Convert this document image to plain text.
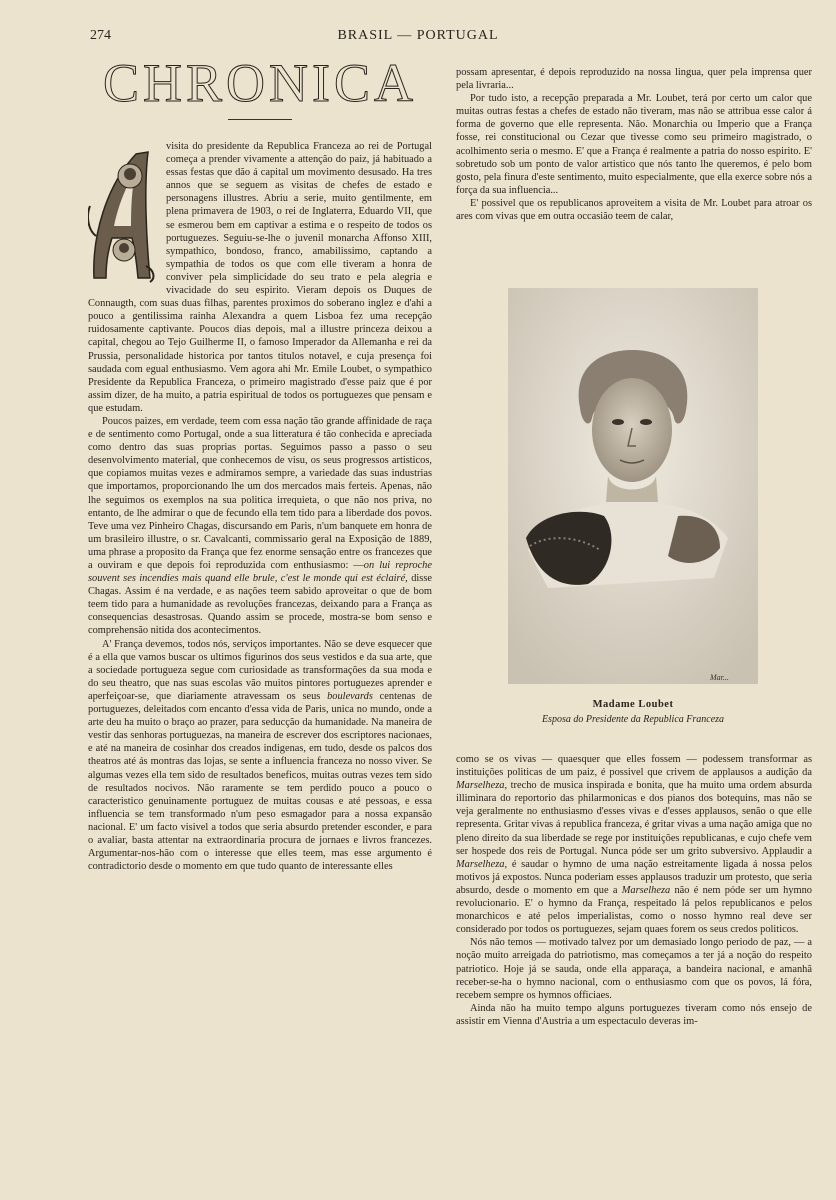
274	BRASIL — PORTUGAL
CHRONICA

visita do presidente da Republica Franceza ao rei de Portugal começa a prender vivamente a attenção do paiz, já habituado a essas festas que dão á capital um movimento desusado. Ha tres annos que se seguem as visitas de chefes de estado e personagens illustres. Abriu a serie, muito gentilmente, em plena primavera de 1903, o rei de Inglaterra, Eduardo VII, que se esmerou bem em captivar a estima e o respeito de todos os portuguezes. Seguiu-se-lhe o juvenil monarcha Affonso XIII, sympathico, bondoso, franco, amabilissimo, captando a sympathia de todos os que com elle tiveram a honra de conviver pela simplicidade do seu trato e pela alegria e vivacidade do seu espirito. Vieram depois os Duques de Connaugth, com suas duas filhas, parentes proximos do soberano inglez e d'ahi a pouco a gentilissima rainha Alexandra a quem Lisboa fez uma recepção ruidosamente captivante. Poucos dias depois, mal a illustre princeza deixou a capital, chegou ao Tejo Guilherme II, o famoso Imperador da Allemanha e rei da Prussia, personalidade historica por tantos titulos notavel, e cuja presença foi saudada com egual enthusiasmo. Vem agora ahi Mr. Emile Loubet, o sympathico Presidente da Republica Franceza, o primeiro magistrado d'esse paiz que é por assim dizer, de ha muito, a patria espiritual de todos os portuguezes que pensam e que estudam.

Poucos paizes, em verdade, teem com essa nação tão grande affinidade de raça e de sentimento como Portugal, onde a sua litteratura é tão conhecida e apreciada como dentro das suas proprias portas. Seguimos passo a passo o seu desenvolvimento material, que conhecemos de visu, os seus progressos artisticos, que copiamos muitas vezes e admiramos sempre, a variedade das suas industrias que importamos, proporcionando lhe um dos mercados mais ferteis. Apenas, não lhe seguimos os exemplos na sua politica irrequieta, o que não nos priva, no entanto, de lhe admirar o que de fecundo ella tem tido para a liberdade dos povos. Teve uma vez Pinheiro Chagas, discursando em Paris, n'um banquete em honra de um brasileiro illustre, o sr. Cavalcanti, commissario geral na Exposição de 1889, uma phrase a proposito da França que fez enorme sensação entre os francezes que a ouviram e que depois foi reproduzida com enthusiasmo: —on lui reproche souvent ses incendies mais quand elle brule, c'est le monde qui est éclairé, disse Chagas. Assim é na verdade, e as nações teem sabido aproveitar o que de bom teem tido para a humanidade as revoluções francezas, deixando para a França as consequencias desastrosas. Quando assim se procede, mostra-se bom senso e comprehensão nitida dos acontecimentos.

A' França devemos, todos nós, serviços importantes. Não se deve esquecer que é a ella que vamos buscar os ultimos figurinos dos seus vestidos e da sua arte, que a sociedade portugueza segue com curiosidade as transformações da sua moda e do seu theatro, que nas suas escolas vão muitos pintores portuguezes aprender e aperfeiçoar-se, que diariamente atravessam os seus boulevards centenas de portuguezes, deleitados com encanto d'essa vida de Paris, unica no mundo, onde a arte deu ha muito o braço ao prazer, para seducção da humanidade. Na maneira de vestir das senhoras portuguezas, na maneira de escrever dos escriptores nacionaes, e até na maneira de cosinhar dos creados indigenas, em tudo, desde os palcos dos theatros até ás montras das lojas, se sente a influencia franceza no nosso viver. Se algumas vezes ella tem sido de resultados beneficos, muitas outras vezes tem sido de resultados nocivos. Não raramente se tem perdido pouco a pouco o caracteristico genuinamente portuguez de muitas cousas e até pessoas, e essa influencia se tem transformado n'um peso esmagador para a nossa expansão nacional. E' um facto visivel a todos que seria absurdo pretender esconder, e para o avaliar, basta attentar na extraordinaria procura de jornaes e livros francezes. Argumentar-nos-hão com o interesse que elles teem, mas esse argumento é contradictorio desde o momento em que tudo quanto de interessante elles

possam apresentar, é depois reproduzido na nossa lingua, quer pela imprensa quer pela livraria...

Por tudo isto, a recepção preparada a Mr. Loubet, terá por certo um calor que muitas outras festas a chefes de estado não tiveram, mas não se attribua esse calor á forma de governo que elle representa. Não. Monarchia ou Imperio que a França fosse, rei constitucional ou Cezar que tivesse como seu primeiro magistrado, o acolhimento seria o mesmo. E' que a França é realmente a patria do nosso espirito. E' sobretudo sob um ponto de valor artistico que nós tanto lhe queremos, é pelo bom gosto, pela finura d'este sentimento, muito especialmente, que ella exerce sobre nós a força da sua influencia...

E' possivel que os republicanos aproveitem a visita de Mr. Loubet para atroar os ares com vivas que em outra occasião teem de calar,

Mar...
Madame Loubet
Esposa do Presidente da Republica Franceza

como se os vivas — quaesquer que elles fossem — podessem transformar as instituições politicas de um paiz, é possivel que crivem de applausos a audição da Marselheza, trecho de musica inspirada e bonita, que ha muito uma ordem absurda illiminara do reportorio das philarmonicas e dos pianos dos botequins, mas não se veja geralmente no enthusiasmo d'esses vivas e d'esses applausos, senão o que elle representa. Gritar vivas á republica franceza, é gritar vivas a uma nação amiga que no pleno direito da sua liberdade se rege por instituições republicanas, e cujo chefe vem ser hospede dos reis de Portugal. Nunca póde ser um grito subversivo. Applaudir a Marselheza, é saudar o hymno de uma nação estreitamente ligada á nossa pelos motivos já expostos. Nunca poderiam esses applausos traduzir um protesto, que seria absurdo, desde o momento em que a Marselheza não é nem póde ser um hymno revolucionario. E' o hymno da França, respeitado lá pelos republicanos e pelos monarchicos e até pelos imperialistas, como o nosso hymno real deve ser considerado por todos os portuguezes, sejam quaes forem os seus credos politicos.

Nós não temos — motivado talvez por um demasiado longo periodo de paz, — a noção muito arreigada do patriotismo, mas começamos a ter já a noção do respeito patriotico. Hoje já se sauda, onde ella apparaça, a bandeira nacional, e amanhã receber-se-ha o hymno nacional, com o enthusiasmo com que os povos, lá fóra, recebem sempre os hymnos officiaes.

Ainda não ha muito tempo alguns portuguezes tiveram como nós ensejo de assistir em Vienna d'Austria a um espectaculo deveras im-
